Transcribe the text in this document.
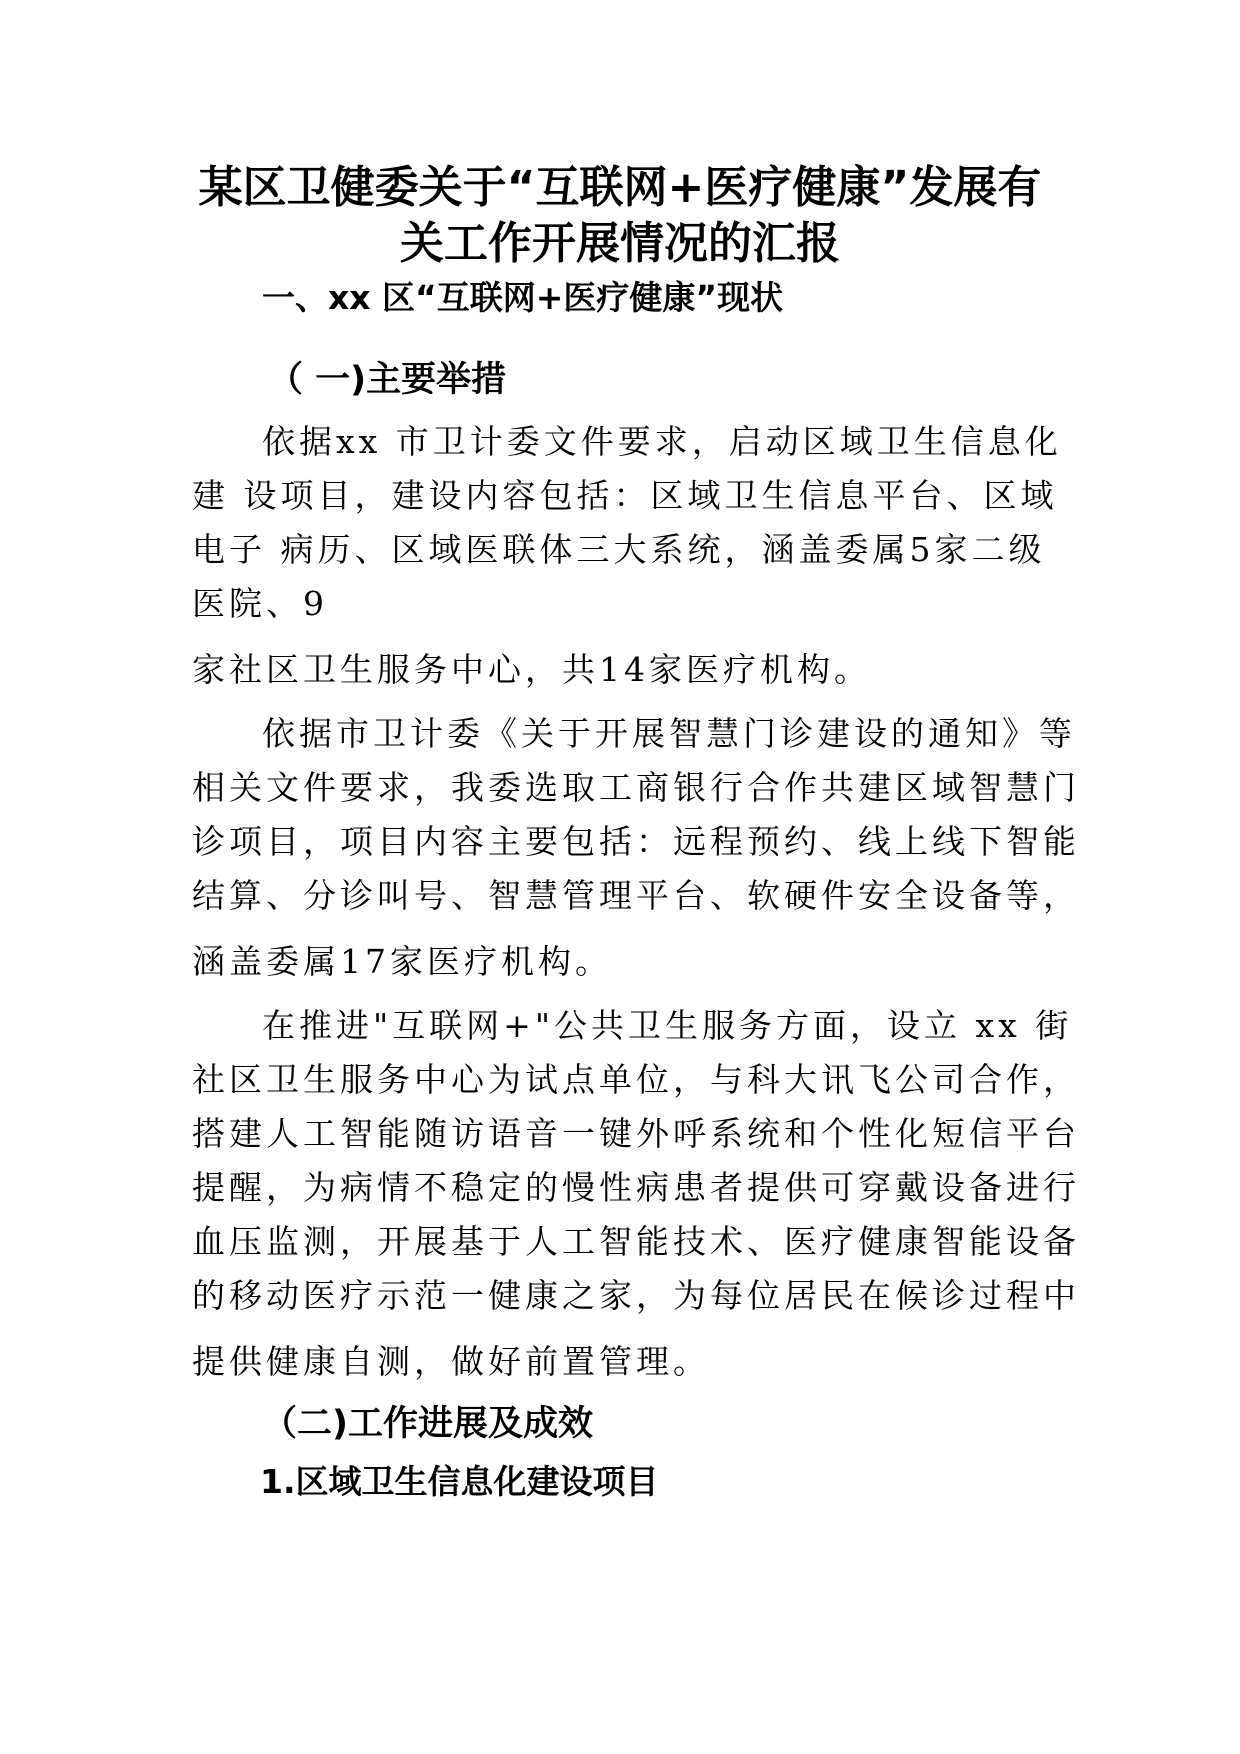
某区卫健委关于“互联网+医疗健康”发展有
关工作开展情况的汇报
一、xx 区“互联网+医疗健康”现状
（ 一)主要举措
依据xx 市卫计委文件要求，启动区域卫生信息化
建 设项目，建设内容包括：区域卫生信息平台、区域
电子 病历、区域医联体三大系统，涵盖委属5家二级
医院、9
家社区卫生服务中心，共14家医疗机构。
依据市卫计委《关于开展智慧门诊建设的通知》等
相关文件要求，我委选取工商银行合作共建区域智慧门
诊项目，项目内容主要包括：远程预约、线上线下智能
结算、分诊叫号、智慧管理平台、软硬件安全设备等，
涵盖委属17家医疗机构。
在推进"互联网+"公共卫生服务方面，设立 xx 街
社区卫生服务中心为试点单位，与科大讯飞公司合作，
搭建人工智能随访语音一键外呼系统和个性化短信平台
提醒，为病情不稳定的慢性病患者提供可穿戴设备进行
血压监测，开展基于人工智能技术、医疗健康智能设备
的移动医疗示范一健康之家，为每位居民在候诊过程中
提供健康自测，做好前置管理。
（二)工作进展及成效
1.区域卫生信息化建设项目
